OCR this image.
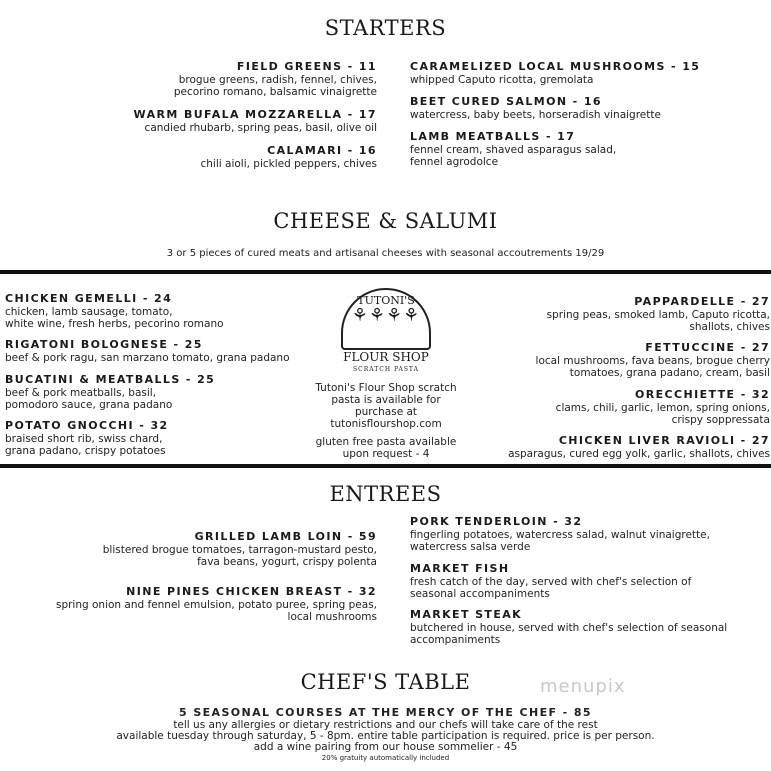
STARTERS
FIELD GREENS - 11
brogue greens, radish, fennel, chives,
pecorino romano, balsamic vinaigrette
WARM BUFALA MOZZARELLA - 17
candied rhubarb, spring peas, basil, olive oil
CALAMARI - 16
chili aioli, pickled peppers, chives
CARAMELIZED LOCAL MUSHROOMS - 15
whipped Caputo ricotta, gremolata
BEET CURED SALMON - 16
watercress, baby beets, horseradish vinaigrette
LAMB MEATBALLS - 17
fennel cream, shaved asparagus salad,
fennel agrodolce
CHEESE & SALUMI
3 or 5 pieces of cured meats and artisanal cheeses with seasonal accoutrements 19/29
CHICKEN GEMELLI - 24
chicken, lamb sausage, tomato,
white wine, fresh herbs, pecorino romano
RIGATONI BOLOGNESE - 25
beef & pork ragu, san marzano tomato, grana padano
BUCATINI & MEATBALLS - 25
beef & pork meatballs, basil,
pomodoro sauce, grana padano
POTATO GNOCCHI - 32
braised short rib, swiss chard,
grana padano, crispy potatoes
TUTONI'S
⚘⚘⚘⚘
FLOUR SHOP
SCRATCH PASTA
Tutoni's Flour Shop scratch
pasta is available for
purchase at
tutonisflourshop.com
gluten free pasta available
upon request - 4
PAPPARDELLE - 27
spring peas, smoked lamb, Caputo ricotta,
shallots, chives
FETTUCCINE - 27
local mushrooms, fava beans, brogue cherry
tomatoes, grana padano, cream, basil
ORECCHIETTE - 32
clams, chili, garlic, lemon, spring onions,
crispy soppressata
CHICKEN LIVER RAVIOLI - 27
asparagus, cured egg yolk, garlic, shallots, chives
ENTREES
GRILLED LAMB LOIN - 59
blistered brogue tomatoes, tarragon-mustard pesto,
fava beans, yogurt, crispy polenta
NINE PINES CHICKEN BREAST - 32
spring onion and fennel emulsion, potato puree, spring peas,
local mushrooms
PORK TENDERLOIN - 32
fingerling potatoes, watercress salad, walnut vinaigrette,
watercress salsa verde
MARKET FISH
fresh catch of the day, served with chef's selection of
seasonal accompaniments
MARKET STEAK
butchered in house, served with chef's selection of seasonal
accompaniments
CHEF'S TABLE
5 SEASONAL COURSES AT THE MERCY OF THE CHEF - 85
tell us any allergies or dietary restrictions and our chefs will take care of the rest
available tuesday through saturday, 5 - 8pm. entire table participation is required. price is per person.
add a wine pairing from our house sommelier - 45
20% gratuity automatically included
menupix
